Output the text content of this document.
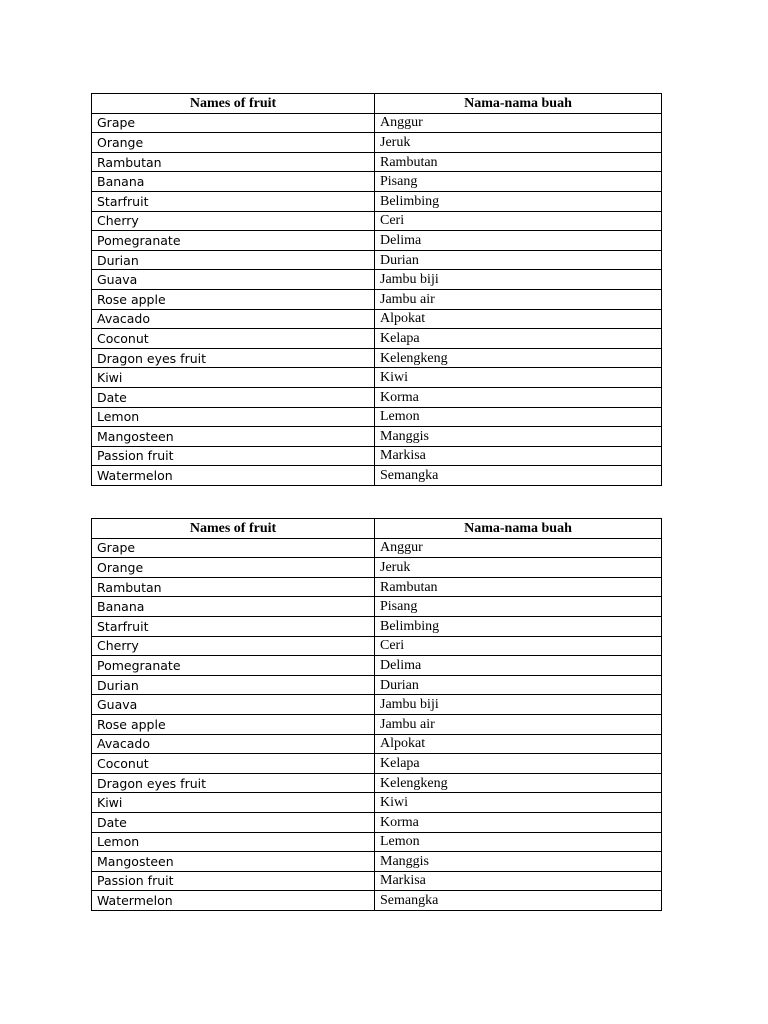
Names of fruit	Nama-nama buah
Grape	Anggur
Orange	Jeruk
Rambutan	Rambutan
Banana	Pisang
Starfruit	Belimbing
Cherry	Ceri
Pomegranate	Delima
Durian	Durian
Guava	Jambu biji
Rose apple	Jambu air
Avacado	Alpokat
Coconut	Kelapa
Dragon eyes fruit	Kelengkeng
Kiwi	Kiwi
Date	Korma
Lemon	Lemon
Mangosteen	Manggis
Passion fruit	Markisa
Watermelon	Semangka
Names of fruit	Nama-nama buah
Grape	Anggur
Orange	Jeruk
Rambutan	Rambutan
Banana	Pisang
Starfruit	Belimbing
Cherry	Ceri
Pomegranate	Delima
Durian	Durian
Guava	Jambu biji
Rose apple	Jambu air
Avacado	Alpokat
Coconut	Kelapa
Dragon eyes fruit	Kelengkeng
Kiwi	Kiwi
Date	Korma
Lemon	Lemon
Mangosteen	Manggis
Passion fruit	Markisa
Watermelon	Semangka
